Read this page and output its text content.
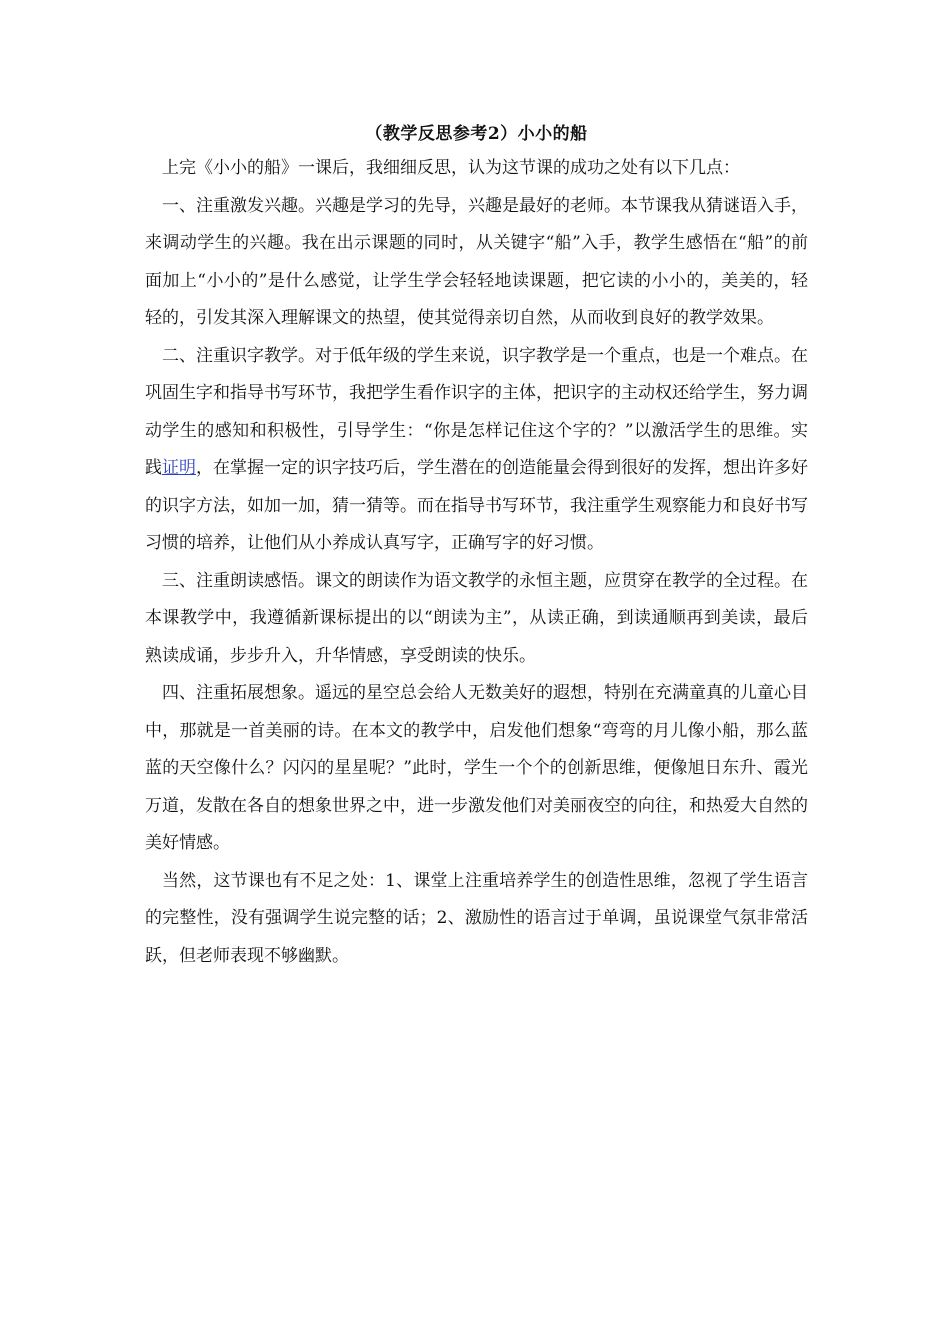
（教学反思参考2）小小的船

上完《小小的船》一课后，我细细反思，认为这节课的成功之处有以下几点：

一、注重激发兴趣。兴趣是学习的先导，兴趣是最好的老师。本节课我从猜谜语入手，来调动学生的兴趣。我在出示课题的同时，从关键字“船”入手，教学生感悟在“船”的前面加上“小小的”是什么感觉，让学生学会轻轻地读课题，把它读的小小的，美美的，轻轻的，引发其深入理解课文的热望，使其觉得亲切自然，从而收到良好的教学效果。

二、注重识字教学。对于低年级的学生来说，识字教学是一个重点，也是一个难点。在巩固生字和指导书写环节，我把学生看作识字的主体，把识字的主动权还给学生，努力调动学生的感知和积极性，引导学生：“你是怎样记住这个字的？”以激活学生的思维。实践证明，在掌握一定的识字技巧后，学生潜在的创造能量会得到很好的发挥，想出许多好的识字方法，如加一加，猜一猜等。而在指导书写环节，我注重学生观察能力和良好书写习惯的培养，让他们从小养成认真写字，正确写字的好习惯。

三、注重朗读感悟。课文的朗读作为语文教学的永恒主题，应贯穿在教学的全过程。在本课教学中，我遵循新课标提出的以“朗读为主”，从读正确，到读通顺再到美读，最后熟读成诵，步步升入，升华情感，享受朗读的快乐。

四、注重拓展想象。遥远的星空总会给人无数美好的遐想，特别在充满童真的儿童心目中，那就是一首美丽的诗。在本文的教学中，启发他们想象“弯弯的月儿像小船，那么蓝蓝的天空像什么？闪闪的星星呢？”此时，学生一个个的创新思维，便像旭日东升、霞光万道，发散在各自的想象世界之中，进一步激发他们对美丽夜空的向往，和热爱大自然的美好情感。

当然，这节课也有不足之处：1、课堂上注重培养学生的创造性思维，忽视了学生语言的完整性，没有强调学生说完整的话；2、激励性的语言过于单调，虽说课堂气氛非常活跃，但老师表现不够幽默。
